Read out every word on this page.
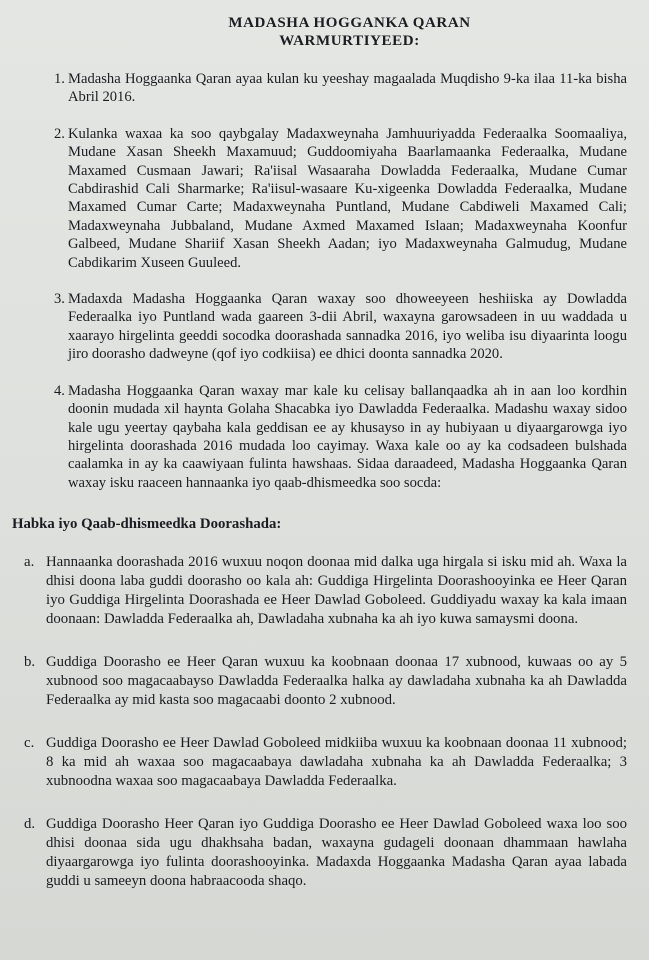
MADASHA HOGGANKA QARAN

WARMURTIYEED:

1. Madasha Hoggaanka Qaran ayaa kulan ku yeeshay magaalada Muqdisho 9-ka ilaa 11-ka bisha Abril 2016.
2. Kulanka waxaa ka soo qaybgalay Madaxweynaha Jamhuuriyadda Federaalka Soomaaliya, Mudane Xasan Sheekh Maxamuud; Guddoomiyaha Baarlamaanka Federaalka, Mudane Maxamed Cusmaan Jawari; Ra'iisal Wasaaraha Dowladda Federaalka, Mudane Cumar Cabdirashid Cali Sharmarke; Ra'iisul-wasaare Ku-xigeenka Dowladda Federaalka, Mudane Maxamed Cumar Carte; Madaxweynaha Puntland, Mudane Cabdiweli Maxamed Cali; Madaxweynaha Jubbaland, Mudane Axmed Maxamed Islaan; Madaxweynaha Koonfur Galbeed, Mudane Shariif Xasan Sheekh Aadan; iyo Madaxweynaha Galmudug, Mudane Cabdikarim Xuseen Guuleed.
3. Madaxda Madasha Hoggaanka Qaran waxay soo dhoweeyeen heshiiska ay Dowladda Federaalka iyo Puntland wada gaareen 3-dii Abril, waxayna garowsadeen in uu waddada u xaarayo hirgelinta geeddi socodka doorashada sannadka 2016, iyo weliba isu diyaarinta loogu jiro doorasho dadweyne (qof iyo codkiisa) ee dhici doonta sannadka 2020.
4. Madasha Hoggaanka Qaran waxay mar kale ku celisay ballanqaadka ah in aan loo kordhin doonin mudada xil haynta Golaha Shacabka iyo Dawladda Federaalka. Madashu waxay sidoo kale ugu yeertay qaybaha kala geddisan ee ay khusayso in ay hubiyaan u diyaargarowga iyo hirgelinta doorashada 2016 mudada loo cayimay. Waxa kale oo ay ka codsadeen bulshada caalamka in ay ka caawiyaan fulinta hawshaas. Sidaa daraadeed, Madasha Hoggaanka Qaran waxay isku raaceen hannaanka iyo qaab-dhismeedka soo socda:
Habka iyo Qaab-dhismeedka Doorashada:
a. Hannaanka doorashada 2016 wuxuu noqon doonaa mid dalka uga hirgala si isku mid ah. Waxa la dhisi doona laba guddi doorasho oo kala ah: Guddiga Hirgelinta Doorashooyinka ee Heer Qaran iyo Guddiga Hirgelinta Doorashada ee Heer Dawlad Goboleed. Guddiyadu waxay ka kala imaan doonaan: Dawladda Federaalka ah, Dawladaha xubnaha ka ah iyo kuwa samaysmi doona.
b. Guddiga Doorasho ee Heer Qaran wuxuu ka koobnaan doonaa 17 xubnood, kuwaas oo ay 5 xubnood soo magacaabayso Dawladda Federaalka halka ay dawladaha xubnaha ka ah Dawladda Federaalka ay mid kasta soo magacaabi doonto 2 xubnood.
c. Guddiga Doorasho ee Heer Dawlad Goboleed midkiiba wuxuu ka koobnaan doonaa 11 xubnood; 8 ka mid ah waxaa soo magacaabaya dawladaha xubnaha ka ah Dawladda Federaalka; 3 xubnoodna waxaa soo magacaabaya Dawladda Federaalka.
d. Guddiga Doorasho Heer Qaran iyo Guddiga Doorasho ee Heer Dawlad Goboleed waxa loo soo dhisi doonaa sida ugu dhakhsaha badan, waxayna gudageli doonaan dhammaan hawlaha diyaargarowga iyo fulinta doorashooyinka. Madaxda Hoggaanka Madasha Qaran ayaa labada guddi u sameeyn doona habraacooda shaqo.
